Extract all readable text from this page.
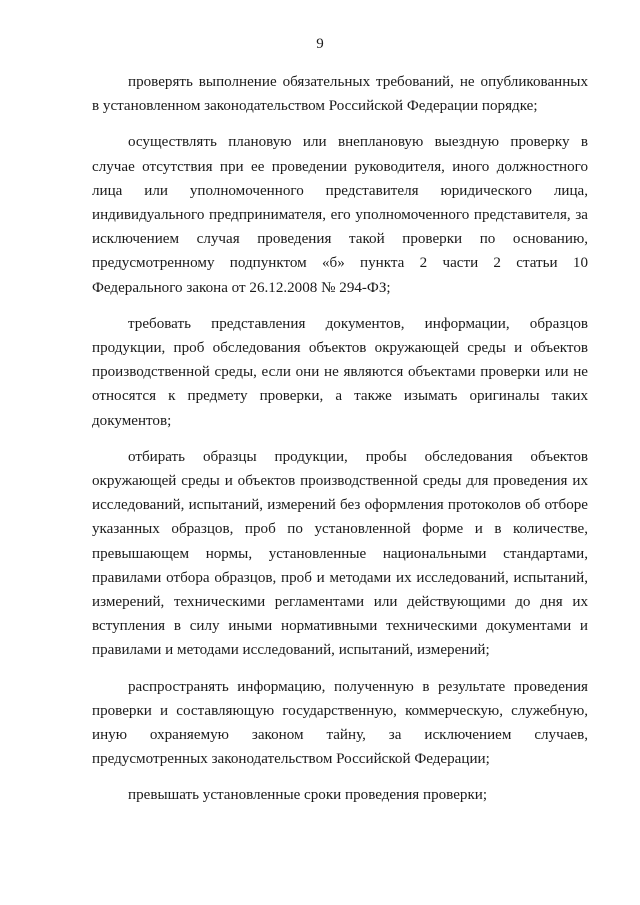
9

проверять выполнение обязательных требований, не опубликованных в установленном законодательством Российской Федерации порядке;

осуществлять плановую или внеплановую выездную проверку в случае отсутствия при ее проведении руководителя, иного должностного лица или уполномоченного представителя юридического лица, индивидуального предпринимателя, его уполномоченного представителя, за исключением случая проведения такой проверки по основанию, предусмотренному подпунктом «б» пункта 2 части 2 статьи 10 Федерального закона от 26.12.2008 № 294-ФЗ;

требовать представления документов, информации, образцов продукции, проб обследования объектов окружающей среды и объектов производственной среды, если они не являются объектами проверки или не относятся к предмету проверки, а также изымать оригиналы таких документов;

отбирать образцы продукции, пробы обследования объектов окружающей среды и объектов производственной среды для проведения их исследований, испытаний, измерений без оформления протоколов об отборе указанных образцов, проб по установленной форме и в количестве, превышающем нормы, установленные национальными стандартами, правилами отбора образцов, проб и методами их исследований, испытаний, измерений, техническими регламентами или действующими до дня их вступления в силу иными нормативными техническими документами и правилами и методами исследований, испытаний, измерений;

распространять информацию, полученную в результате проведения проверки и составляющую государственную, коммерческую, служебную, иную охраняемую законом тайну, за исключением случаев, предусмотренных законодательством Российской Федерации;

превышать установленные сроки проведения проверки;
